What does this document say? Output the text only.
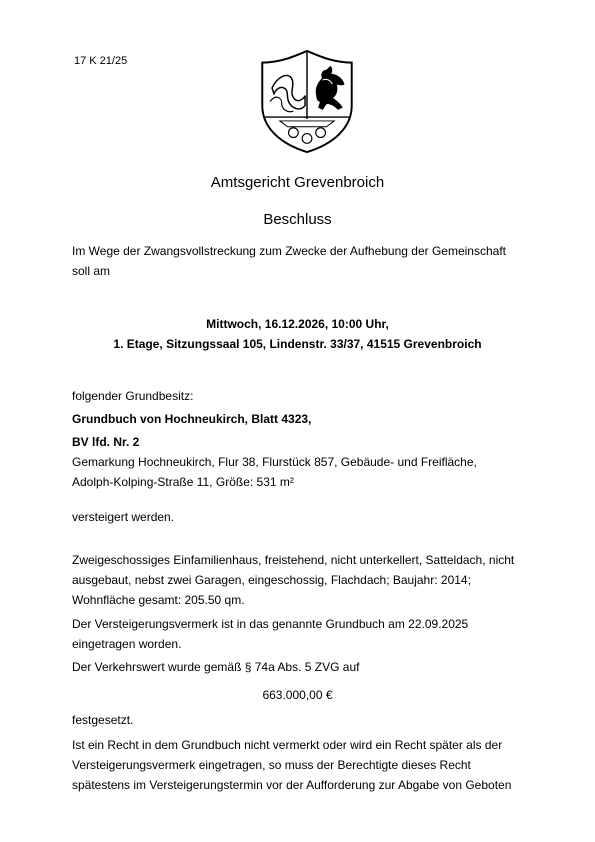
17 K 21/25

Amtsgericht Grevenbroich

Beschluss

Im Wege der Zwangsvollstreckung zum Zwecke der Aufhebung der Gemeinschaft
soll am

Mittwoch, 16.12.2026, 10:00 Uhr,

1. Etage, Sitzungssaal 105, Lindenstr. 33/37, 41515 Grevenbroich

folgender Grundbesitz:

Grundbuch von Hochneukirch, Blatt 4323,
BV lfd. Nr. 2
Gemarkung Hochneukirch, Flur 38, Flurstück 857, Gebäude- und Freifläche,
Adolph-Kolping-Straße 11, Größe: 531 m²

versteigert werden.

Zweigeschossiges Einfamilienhaus, freistehend, nicht unterkellert, Satteldach, nicht
ausgebaut, nebst zwei Garagen, eingeschossig, Flachdach; Baujahr: 2014;
Wohnfläche gesamt: 205.50 qm.
Der Versteigerungsvermerk ist in das genannte Grundbuch am 22.09.2025
eingetragen worden.

Der Verkehrswert wurde gemäß § 74a Abs. 5 ZVG auf

663.000,00 €

festgesetzt.

Ist ein Recht in dem Grundbuch nicht vermerkt oder wird ein Recht später als der
Versteigerungsvermerk eingetragen, so muss der Berechtigte dieses Recht
spätestens im Versteigerungstermin vor der Aufforderung zur Abgabe von Geboten
